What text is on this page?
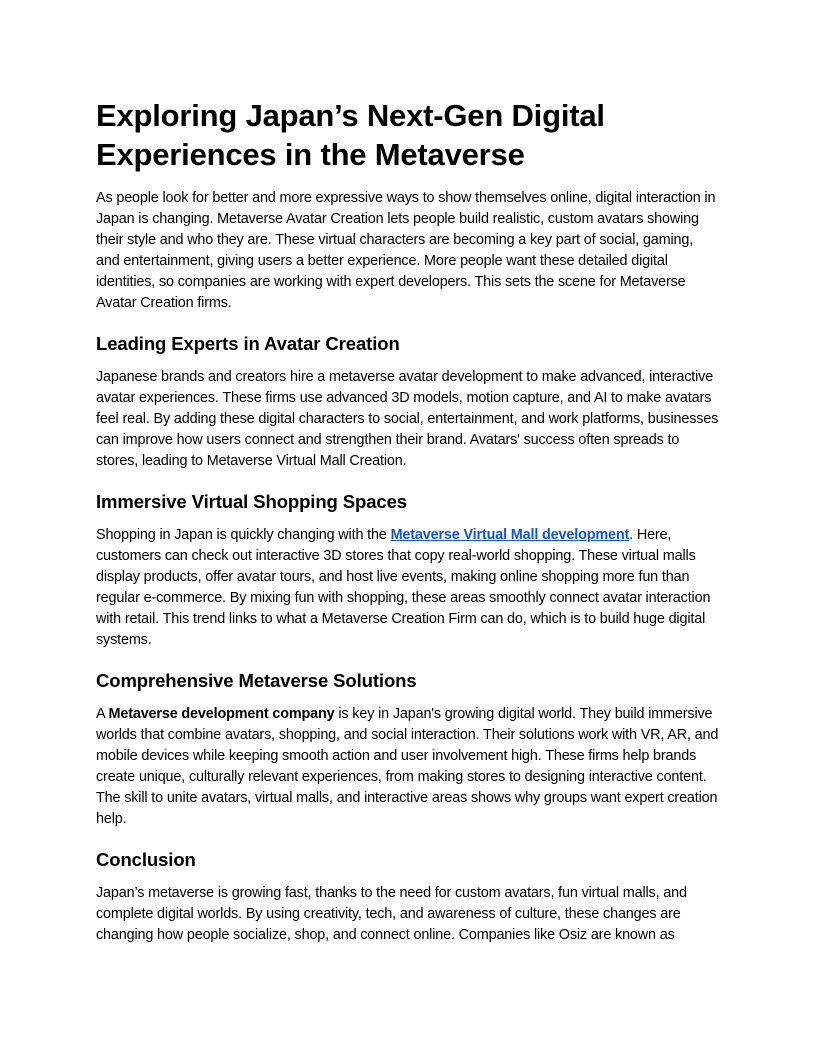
Exploring Japan’s Next-Gen Digital Experiences in the Metaverse

As people look for better and more expressive ways to show themselves online, digital interaction in Japan is changing. Metaverse Avatar Creation lets people build realistic, custom avatars showing their style and who they are. These virtual characters are becoming a key part of social, gaming, and entertainment, giving users a better experience. More people want these detailed digital identities, so companies are working with expert developers. This sets the scene for Metaverse Avatar Creation firms.

Leading Experts in Avatar Creation

Japanese brands and creators hire a metaverse avatar development to make advanced, interactive avatar experiences. These firms use advanced 3D models, motion capture, and AI to make avatars feel real. By adding these digital characters to social, entertainment, and work platforms, businesses can improve how users connect and strengthen their brand. Avatars' success often spreads to stores, leading to Metaverse Virtual Mall Creation.

Immersive Virtual Shopping Spaces

Shopping in Japan is quickly changing with the Metaverse Virtual Mall development. Here, customers can check out interactive 3D stores that copy real-world shopping. These virtual malls display products, offer avatar tours, and host live events, making online shopping more fun than regular e-commerce. By mixing fun with shopping, these areas smoothly connect avatar interaction with retail. This trend links to what a Metaverse Creation Firm can do, which is to build huge digital systems.

Comprehensive Metaverse Solutions

A Metaverse development company is key in Japan's growing digital world. They build immersive worlds that combine avatars, shopping, and social interaction. Their solutions work with VR, AR, and mobile devices while keeping smooth action and user involvement high. These firms help brands create unique, culturally relevant experiences, from making stores to designing interactive content. The skill to unite avatars, virtual malls, and interactive areas shows why groups want expert creation help.

Conclusion

Japan’s metaverse is growing fast, thanks to the need for custom avatars, fun virtual malls, and complete digital worlds. By using creativity, tech, and awareness of culture, these changes are changing how people socialize, shop, and connect online. Companies like Osiz are known as
